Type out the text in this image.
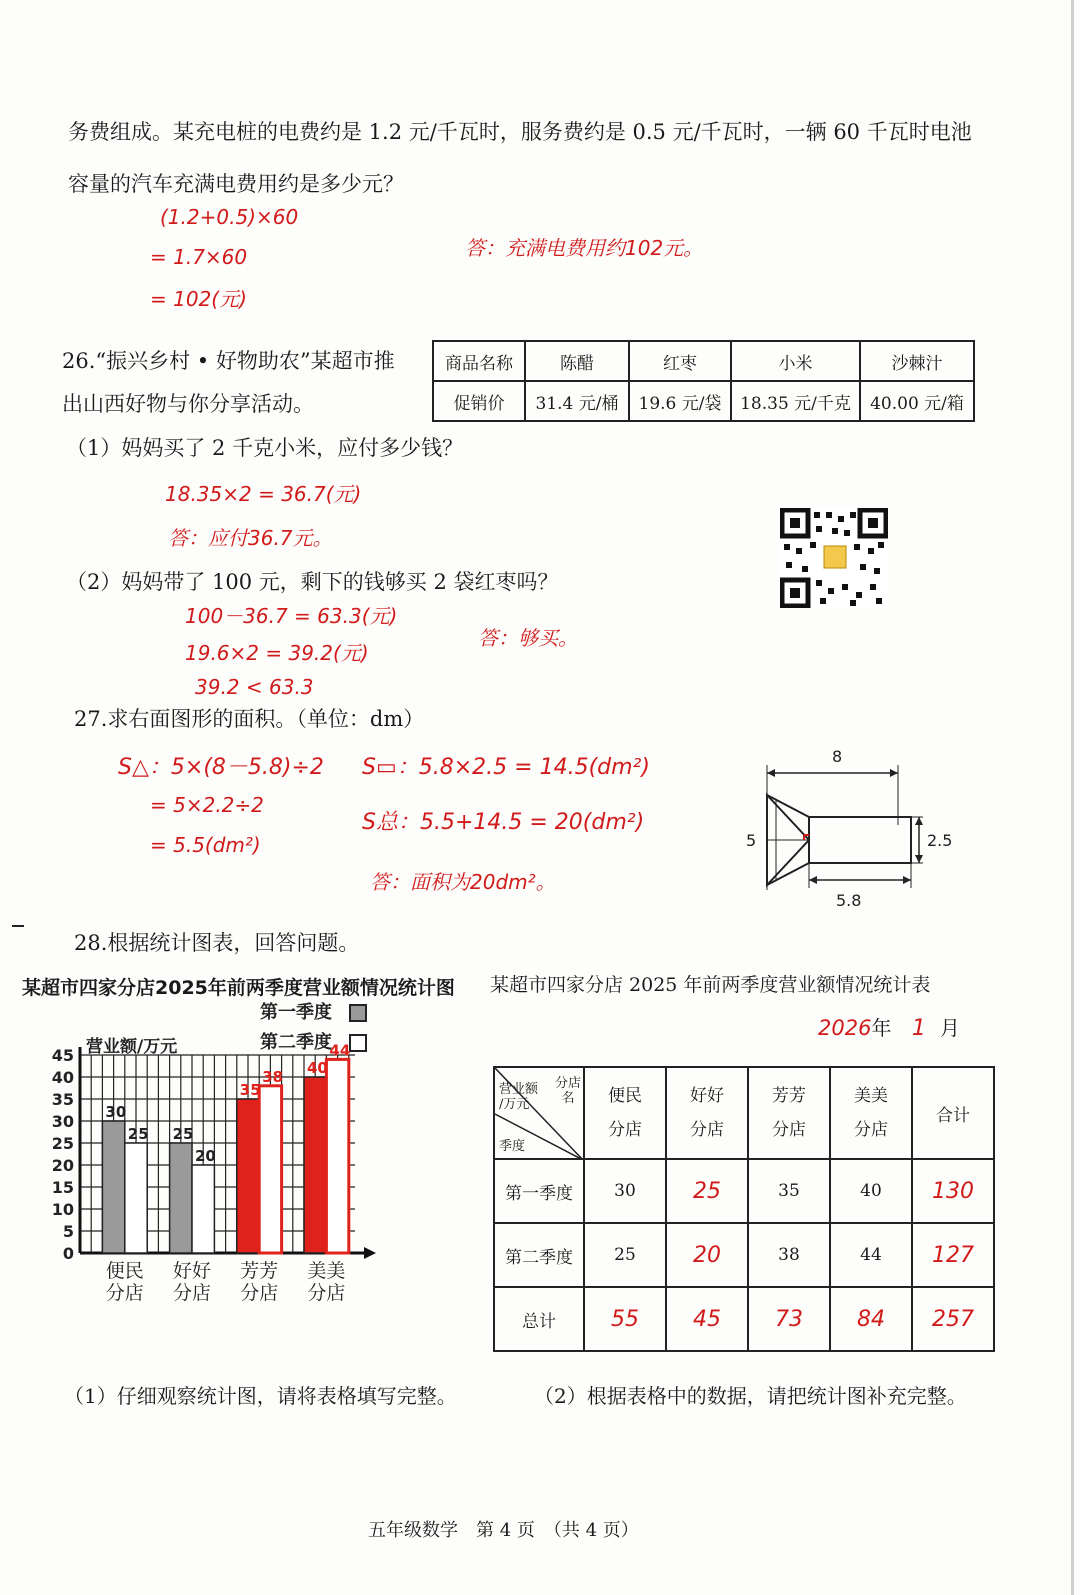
务费组成。某充电桩的电费约是 1.2 元/千瓦时，服务费约是 0.5 元/千瓦时，一辆 60 千瓦时电池
容量的汽车充满电费用约是多少元？
(1.2+0.5)×60
= 1.7×60
= 102(元)
答：充满电费用约102元。
26.“振兴乡村 • 好物助农”某超市推
出山西好物与你分享活动。
商品名称	陈醋	红枣	小米	沙棘汁
促销价	31.4 元/桶	19.6 元/袋	18.35 元/千克	40.00 元/箱
（1）妈妈买了 2 千克小米，应付多少钱？
18.35×2 = 36.7(元)
答：应付36.7元。
（2）妈妈带了 100 元，剩下的钱够买 2 袋红枣吗？
100－36.7 = 63.3(元)
19.6×2 = 39.2(元)
39.2 < 63.3
答：够买。
27.求右面图形的面积。（单位：dm）
S△：5×(8－5.8)÷2
= 5×2.2÷2
= 5.5(dm²)
S▭：5.8×2.5 = 14.5(dm²)
S总：5.5+14.5 = 20(dm²)
答：面积为20dm²。
8
5	2.5
5.8
28.根据统计图表，回答问题。
某超市四家分店2025年前两季度营业额情况统计图
0
5
10
15
20
25
30
35
40
45 营业额/万元
第一季度
第二季度
30
25
便民
分店
25
20
好好
分店
35
38
芳芳
分店
40
44
美美
分店
某超市四家分店 2025 年前两季度营业额情况统计表
2026年 1 月
分店
名
营业额
/万元
季度	便民分店	好好分店	芳芳分店	美美分店	合计
第一季度	30	25	35	40	130
第二季度	25	20	38	44	127
总计	55	45	73	84	257
（1）仔细观察统计图，请将表格填写完整。	（2）根据表格中的数据，请把统计图补充完整。
五年级数学　第 4 页　（共 4 页）
